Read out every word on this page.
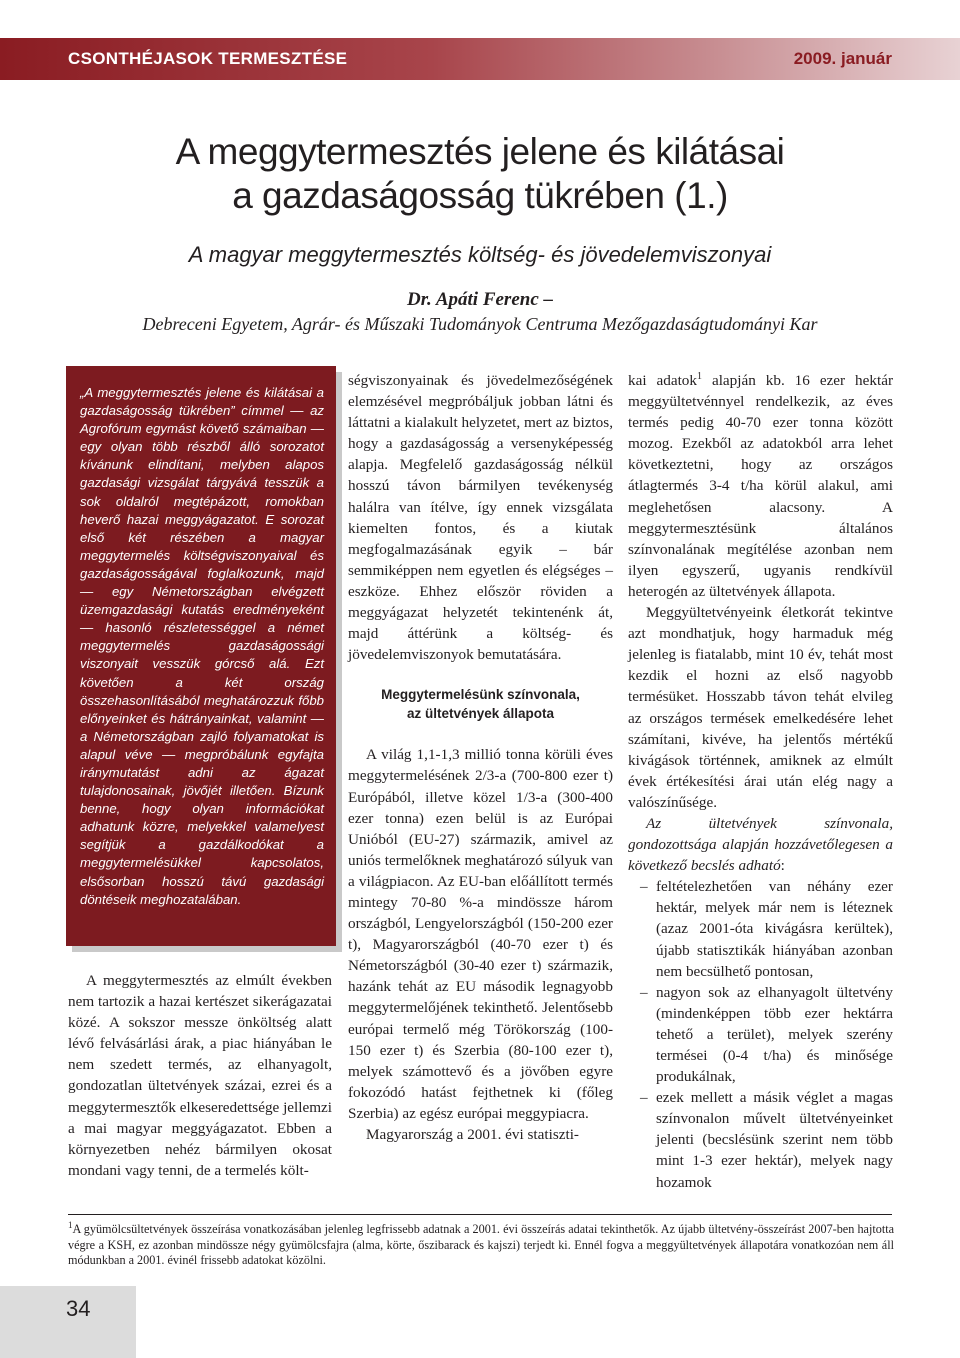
CSONTHÉJASOK TERMESZTÉSE	2009. január
A meggytermesztés jelene és kilátásai
a gazdaságosság tükrében (1.)
A magyar meggytermesztés költség- és jövedelemviszonyai
Dr. Apáti Ferenc –
Debreceni Egyetem, Agrár- és Műszaki Tudományok Centruma Mezőgazdaságtudományi Kar

„A meggytermesztés jelene és kilátásai a gazdaságosság tükrében” címmel — az Agrofórum egymást követő számaiban — egy olyan több részből álló sorozatot kívánunk elindítani, melyben alapos gazdasági vizsgálat tárgyává tesszük a sok oldalról megtépázott, romokban heverő hazai meggyágazatot. E sorozat első két részében a magyar meggytermelés költségviszonyaival és gazdaságosságával foglalkozunk, majd — egy Németországban elvégzett üzemgazdasági kutatás eredményeként — hasonló részletességgel a német meggytermelés gazdaságossági viszonyait vesszük górcső alá. Ezt követően a két ország összehasonlításából meghatározzuk főbb előnyeinket és hátrányainkat, valamint — a Németországban zajló folyamatokat is alapul véve — megpróbálunk egyfajta iránymutatást adni az ágazat tulajdonosainak, jövőjét illetően. Bízunk benne, hogy olyan információkat adhatunk közre, melyekkel valamelyest segítjük a gazdálkodókat a meggytermelésükkel kapcsolatos, elsősorban hosszú távú gazdasági döntéseik meghozatalában.

A meggytermesztés az elmúlt években nem tartozik a hazai kertészet sikerágazatai közé. A sokszor messze önköltség alatt lévő felvásárlási árak, a piac hiányában le nem szedett termés, az elhanyagolt, gondozatlan ültetvények százai, ezrei és a meggytermesztők elkeseredettsége jellemzi a mai magyar meggyágazatot. Ebben a környezetben nehéz bármilyen okosat mondani vagy tenni, de a termelés költ-

ségviszonyainak és jövedelmezőségének elemzésével megpróbáljuk jobban látni és láttatni a kialakult helyzetet, mert az biztos, hogy a gazdaságosság a versenyképesség alapja. Megfelelő gazdaságosság nélkül hosszú távon bármilyen tevékenység halálra van ítélve, így ennek vizsgálata kiemelten fontos, és a kiutak megfogalmazásának egyik – bár semmiképpen nem egyetlen és elégséges – eszköze. Ehhez először röviden a meggyágazat helyzetét tekintenénk át, majd áttérünk a költség- és jövedelemviszonyok bemutatására.

Meggytermelésünk színvonala,
az ültetvények állapota

A világ 1,1-1,3 millió tonna körüli éves meggytermelésének 2/3-a (700-800 ezer t) Európából, illetve közel 1/3-a (300-400 ezer tonna) ezen belül is az Európai Unióból (EU-27) származik, amivel az uniós termelőknek meghatározó súlyuk van a világpiacon. Az EU-ban előállított termés mintegy 70-80 %-a mindössze három országból, Lengyelországból (150-200 ezer t), Magyarországból (40-70 ezer t) és Németországból (30-40 ezer t) származik, hazánk tehát az EU második legnagyobb meggytermelőjének tekinthető. Jelentősebb európai termelő még Törökország (100-150 ezer t) és Szerbia (80-100 ezer t), melyek számottevő és a jövőben egyre fokozódó hatást fejthetnek ki (főleg Szerbia) az egész európai meggypiacra.

Magyarország a 2001. évi statiszti-

kai adatok$^1$ alapján kb. 16 ezer hektár meggyültetvénnyel rendelkezik, az éves termés pedig 40-70 ezer tonna között mozog. Ezekből az adatokból arra lehet következtetni, hogy az országos átlagtermés 3-4 t/ha körül alakul, ami meglehetősen alacsony. A meggytermesztésünk általános színvonalának megítélése azonban nem ilyen egyszerű, ugyanis rendkívül heterogén az ültetvények állapota.

Meggyültetvényeink életkorát tekintve azt mondhatjuk, hogy harmaduk még jelenleg is fiatalabb, mint 10 év, tehát most kezdik el hozni az első nagyobb termésüket. Hosszabb távon tehát elvileg az országos termések emelkedésére lehet számítani, kivéve, ha jelentős mértékű kivágások történnek, amiknek az elmúlt évek értékesítési árai után elég nagy a valószínűsége.

Az ültetvények színvonala, gondozottsága alapján hozzávetőlegesen a következő becslés adható:

– feltételezhetően van néhány ezer hektár, melyek már nem is léteznek (azaz 2001-óta kivágásra kerültek), újabb statisztikák hiányában azonban nem becsülhető pontosan,
– nagyon sok az elhanyagolt ültetvény (mindenképpen több ezer hektárra tehető a terület), melyek szerény termései (0-4 t/ha) és minősége produkálnak,
– ezek mellett a másik véglet a magas színvonalon művelt ültetvényeinket jelenti (becslésünk szerint nem több mint 1-3 ezer hektár), melyek nagy hozamok

$^1$A gyümölcsültetvények összeírása vonatkozásában jelenleg legfrissebb adatnak a 2001. évi összeírás adatai tekinthetők. Az újabb ültetvény-összeírást 2007-ben hajtotta végre a KSH, ez azonban mindössze négy gyümölcsfajra (alma, körte, őszibarack és kajszi) terjedt ki. Ennél fogva a meggyültetvények állapotára vonatkozóan nem áll módunkban a 2001. évinél frissebb adatokat közölni.

34
